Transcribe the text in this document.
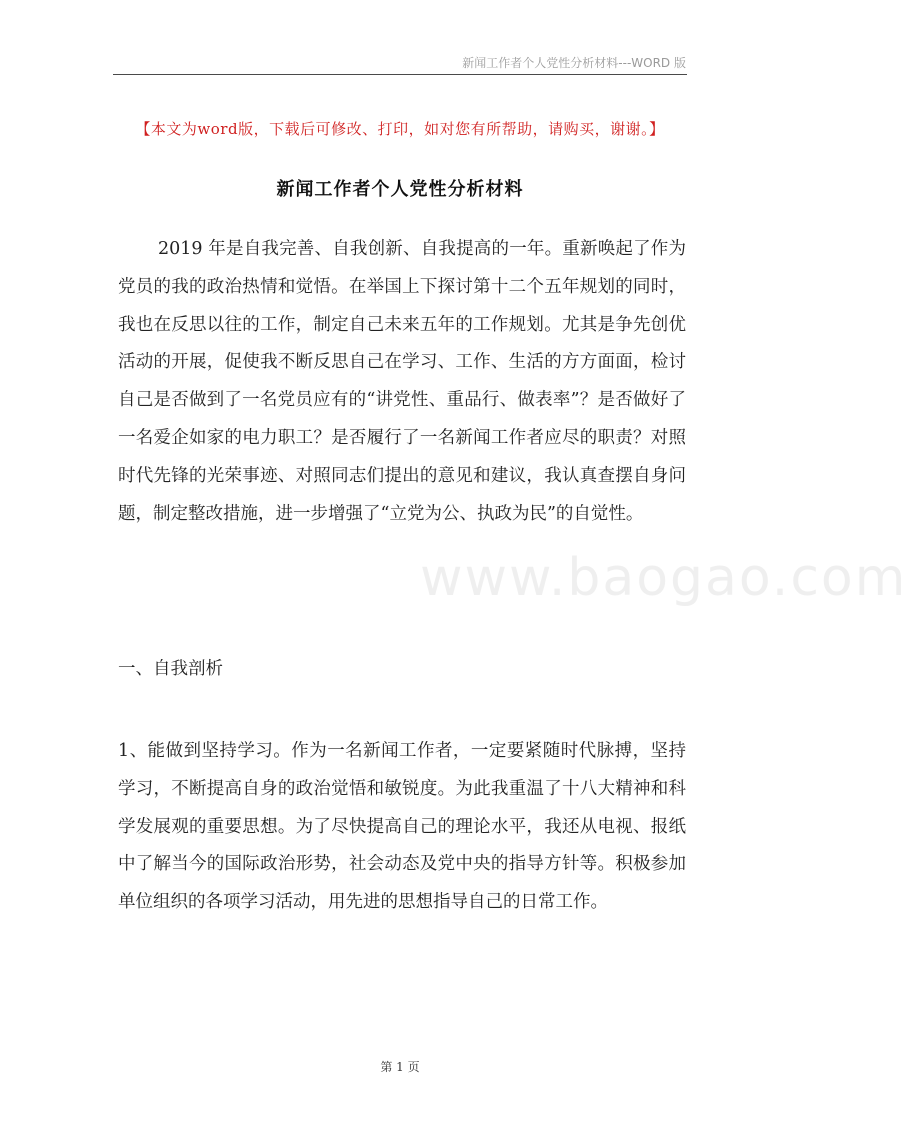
新闻工作者个人党性分析材料---WORD 版
【本文为word版，下载后可修改、打印，如对您有所帮助，请购买，谢谢。】
新闻工作者个人党性分析材料
2019 年是自我完善、自我创新、自我提高的一年。重新唤起了作为党员的我的政治热情和觉悟。在举国上下探讨第十二个五年规划的同时，我也在反思以往的工作，制定自己未来五年的工作规划。尤其是争先创优活动的开展，促使我不断反思自己在学习、工作、生活的方方面面，检讨自己是否做到了一名党员应有的“讲党性、重品行、做表率”？是否做好了一名爱企如家的电力职工？是否履行了一名新闻工作者应尽的职责？对照时代先锋的光荣事迹、对照同志们提出的意见和建议，我认真查摆自身问题，制定整改措施，进一步增强了“立党为公、执政为民”的自觉性。
一、自我剖析
1、能做到坚持学习。作为一名新闻工作者，一定要紧随时代脉搏，坚持学习，不断提高自身的政治觉悟和敏锐度。为此我重温了十八大精神和科学发展观的重要思想。为了尽快提高自己的理论水平，我还从电视、报纸中了解当今的国际政治形势，社会动态及党中央的指导方针等。积极参加单位组织的各项学习活动，用先进的思想指导自己的日常工作。
www.baogao.com
第 1 页
